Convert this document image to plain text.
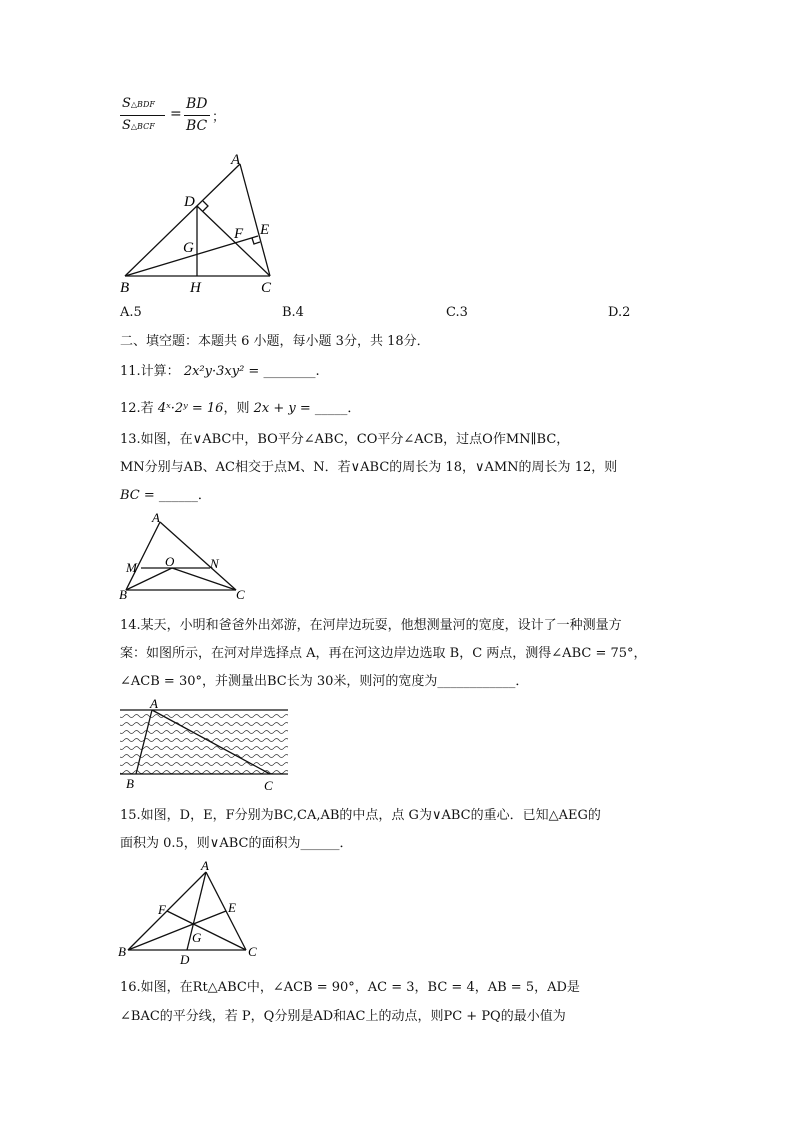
S△BDF
S△BCF
=
BD
BC
；
A
D
E
F
G
B	H	C
A.5	B.4	C.3	D.2
二、填空题：本题共 6 小题，每小题 3分，共 18分．
11.计算： 2x²y·3xy² = ________.
12.若 4ˣ·2ʸ = 16，则 2x + y = _____．
13.如图，在∨ABC中，BO平分∠ABC，CO平分∠ACB，过点O作MN∥BC，
MN分别与AB、AC相交于点M、N．若∨ABC的周长为 18，∨AMN的周长为 12，则
BC = ______．
A
M O	N
B	C
14.某天，小明和爸爸外出郊游，在河岸边玩耍，他想测量河的宽度，设计了一种测量方
案：如图所示，在河对岸选择点 A，再在河这边岸边选取 B，C 两点，测得∠ABC = 75°，
∠ACB = 30°，并测量出BC长为 30米，则河的宽度为____________．
A
B	C
15.如图，D，E，F分别为BC,CA,AB的中点，点 G为∨ABC的重心．已知△AEG的
面积为 0.5，则∨ABC的面积为______．
A
F	E
G
B
D
C
16.如图，在Rt△ABC中，∠ACB = 90°，AC = 3，BC = 4，AB = 5，AD是
∠BAC的平分线，若 P，Q分别是AD和AC上的动点，则PC + PQ的最小值为
